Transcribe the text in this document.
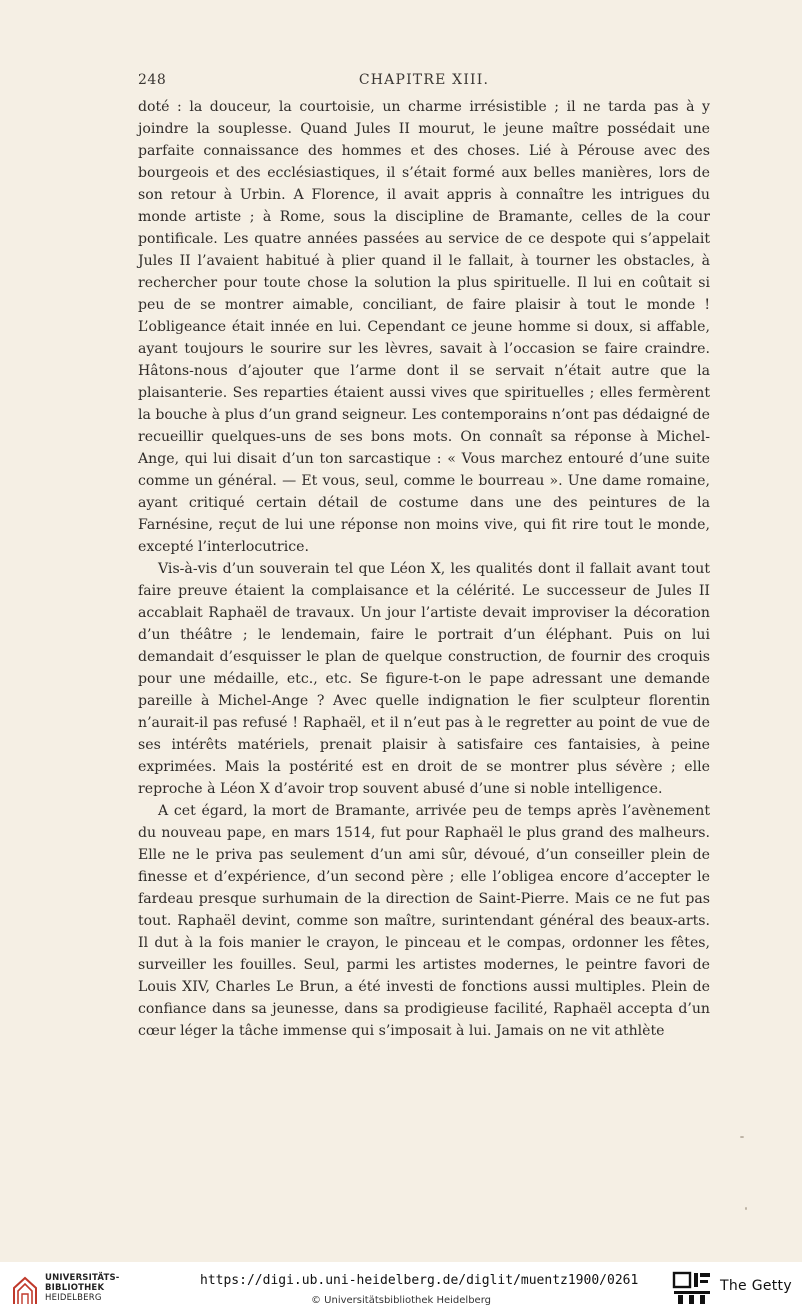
248	CHAPITRE XIII.

doté : la douceur, la courtoisie, un charme irrésistible ; il ne tarda pas à y joindre la souplesse. Quand Jules II mourut, le jeune maître possédait une parfaite connaissance des hommes et des choses. Lié à Pérouse avec des bourgeois et des ecclésiastiques, il s’était formé aux belles manières, lors de son retour à Urbin. A Florence, il avait appris à connaître les intrigues du monde artiste ; à Rome, sous la discipline de Bramante, celles de la cour pontificale. Les quatre années passées au service de ce despote qui s’appelait Jules II l’avaient habitué à plier quand il le fallait, à tourner les obstacles, à rechercher pour toute chose la solution la plus spirituelle. Il lui en coûtait si peu de se montrer aimable, conciliant, de faire plaisir à tout le monde ! L’obligeance était innée en lui. Cependant ce jeune homme si doux, si affable, ayant toujours le sourire sur les lèvres, savait à l’occasion se faire craindre. Hâtons-nous d’ajouter que l’arme dont il se servait n’était autre que la plaisanterie. Ses reparties étaient aussi vives que spirituelles ; elles fermèrent la bouche à plus d’un grand seigneur. Les contemporains n’ont pas dédaigné de recueillir quelques-uns de ses bons mots. On connaît sa réponse à Michel-Ange, qui lui disait d’un ton sarcastique : « Vous marchez entouré d’une suite comme un général. — Et vous, seul, comme le bourreau ». Une dame romaine, ayant critiqué certain détail de costume dans une des peintures de la Farnésine, reçut de lui une réponse non moins vive, qui fit rire tout le monde, excepté l’interlocutrice.

Vis-à-vis d’un souverain tel que Léon X, les qualités dont il fallait avant tout faire preuve étaient la complaisance et la célérité. Le successeur de Jules II accablait Raphaël de travaux. Un jour l’artiste devait improviser la décoration d’un théâtre ; le lendemain, faire le portrait d’un éléphant. Puis on lui demandait d’esquisser le plan de quelque construction, de fournir des croquis pour une médaille, etc., etc. Se figure-t-on le pape adressant une demande pareille à Michel-Ange ? Avec quelle indignation le fier sculpteur florentin n’aurait-il pas refusé ! Raphaël, et il n’eut pas à le regretter au point de vue de ses intérêts matériels, prenait plaisir à satisfaire ces fantaisies, à peine exprimées. Mais la postérité est en droit de se montrer plus sévère ; elle reproche à Léon X d’avoir trop souvent abusé d’une si noble intelligence.

A cet égard, la mort de Bramante, arrivée peu de temps après l’avènement du nouveau pape, en mars 1514, fut pour Raphaël le plus grand des malheurs. Elle ne le priva pas seulement d’un ami sûr, dévoué, d’un conseiller plein de finesse et d’expérience, d’un second père ; elle l’obligea encore d’accepter le fardeau presque surhumain de la direction de Saint-Pierre. Mais ce ne fut pas tout. Raphaël devint, comme son maître, surintendant général des beaux-arts. Il dut à la fois manier le crayon, le pinceau et le compas, ordonner les fêtes, surveiller les fouilles. Seul, parmi les artistes modernes, le peintre favori de Louis XIV, Charles Le Brun, a été investi de fonctions aussi multiples. Plein de confiance dans sa jeunesse, dans sa prodigieuse facilité, Raphaël accepta d’un cœur léger la tâche immense qui s’imposait à lui. Jamais on ne vit athlète

UNIVERSITÄTS-
BIBLIOTHEK
HEIDELBERG
https://digi.ub.uni-heidelberg.de/diglit/muentz1900/0261
© Universitätsbibliothek Heidelberg
The Getty
